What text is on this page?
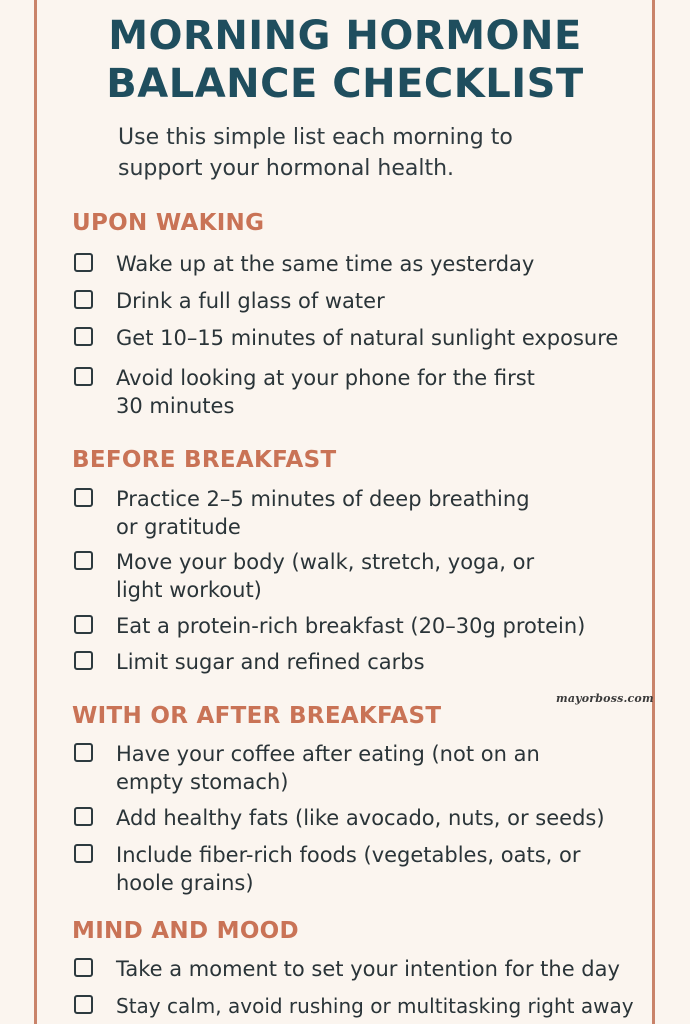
MORNING HORMONE
BALANCE CHECKLIST
Use this simple list each morning to
support your hormonal health.
UPON WAKING
Wake up at the same time as yesterday
Drink a full glass of water
Get 10–15 minutes of natural sunlight exposure
Avoid looking at your phone for the first
30 minutes
BEFORE BREAKFAST
Practice 2–5 minutes of deep breathing
or gratitude
Move your body (walk, stretch, yoga, or
light workout)
Eat a protein-rich breakfast (20–30g protein)
Limit sugar and refined carbs
mayorboss.com
WITH OR AFTER BREAKFAST
Have your coffee after eating (not on an
empty stomach)
Add healthy fats (like avocado, nuts, or seeds)
Include fiber-rich foods (vegetables, oats, or
hoole grains)
MIND AND MOOD
Take a moment to set your intention for the day
Stay calm, avoid rushing or multitasking right away
